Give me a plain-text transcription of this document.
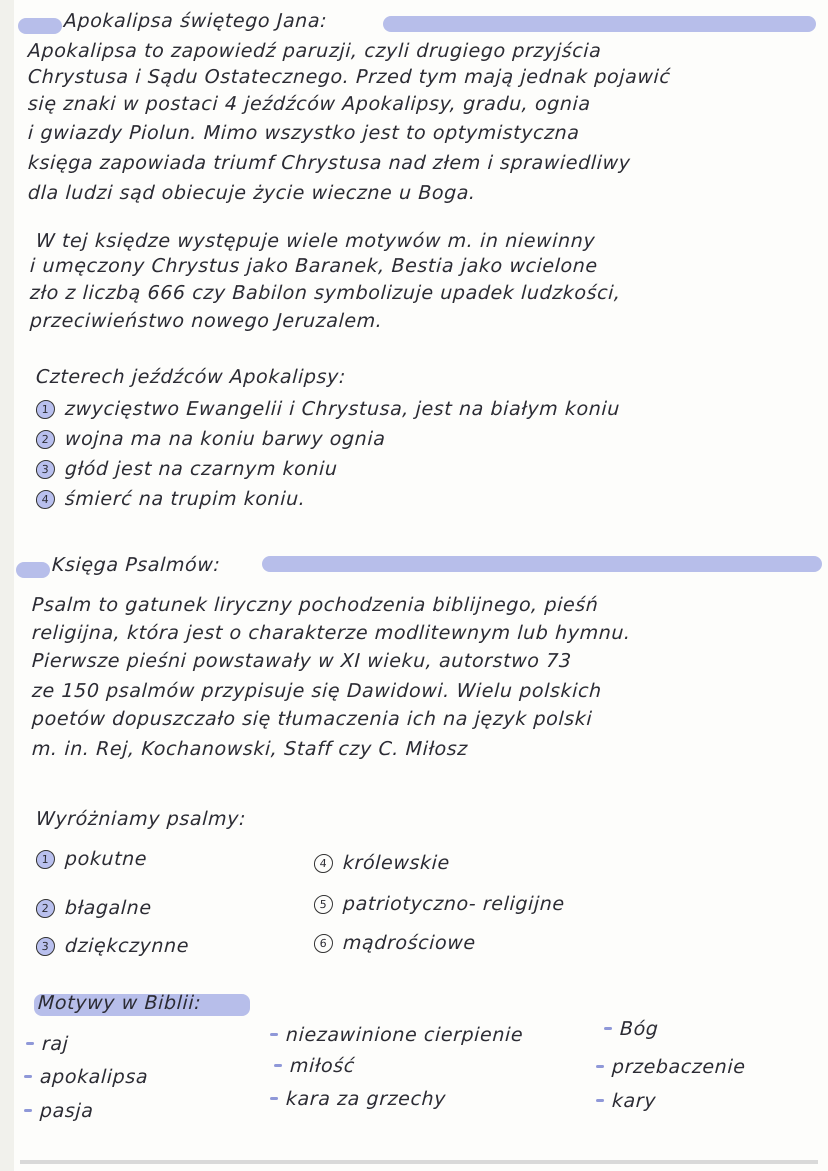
Apokalipsa świętego Jana:
Apokalipsa to zapowiedź paruzji, czyli drugiego przyjścia
Chrystusa i Sądu Ostatecznego. Przed tym mają jednak pojawić
się znaki w postaci 4 jeźdźców Apokalipsy, gradu, ognia
i gwiazdy Piolun. Mimo wszystko jest to optymistyczna
księga zapowiada triumf Chrystusa nad złem i sprawiedliwy
dla ludzi sąd obiecuje życie wieczne u Boga.
W tej księdze występuje wiele motywów m. in niewinny
i umęczony Chrystus jako Baranek, Bestia jako wcielone
zło z liczbą 666 czy Babilon symbolizuje upadek ludzkości,
przeciwieństwo nowego Jeruzalem.
Czterech jeźdźców Apokalipsy:
1 zwycięstwo Ewangelii i Chrystusa, jest na białym koniu
2 wojna ma na koniu barwy ognia
3 głód jest na czarnym koniu
4 śmierć na trupim koniu.
Księga Psalmów:
Psalm to gatunek liryczny pochodzenia biblijnego, pieśń
religijna, która jest o charakterze modlitewnym lub hymnu.
Pierwsze pieśni powstawały w XI wieku, autorstwo 73
ze 150 psalmów przypisuje się Dawidowi. Wielu polskich
poetów dopuszczało się tłumaczenia ich na język polski
m. in. Rej, Kochanowski, Staff czy C. Miłosz
Wyróżniamy psalmy:
1 pokutne
2 błagalne
3 dziękczynne
4 królewskie
5 patriotyczno- religijne
6 mądrościowe
Motywy w Biblii:
raj
apokalipsa
pasja
niezawinione cierpienie
miłość
kara za grzechy
Bóg
przebaczenie
kary
